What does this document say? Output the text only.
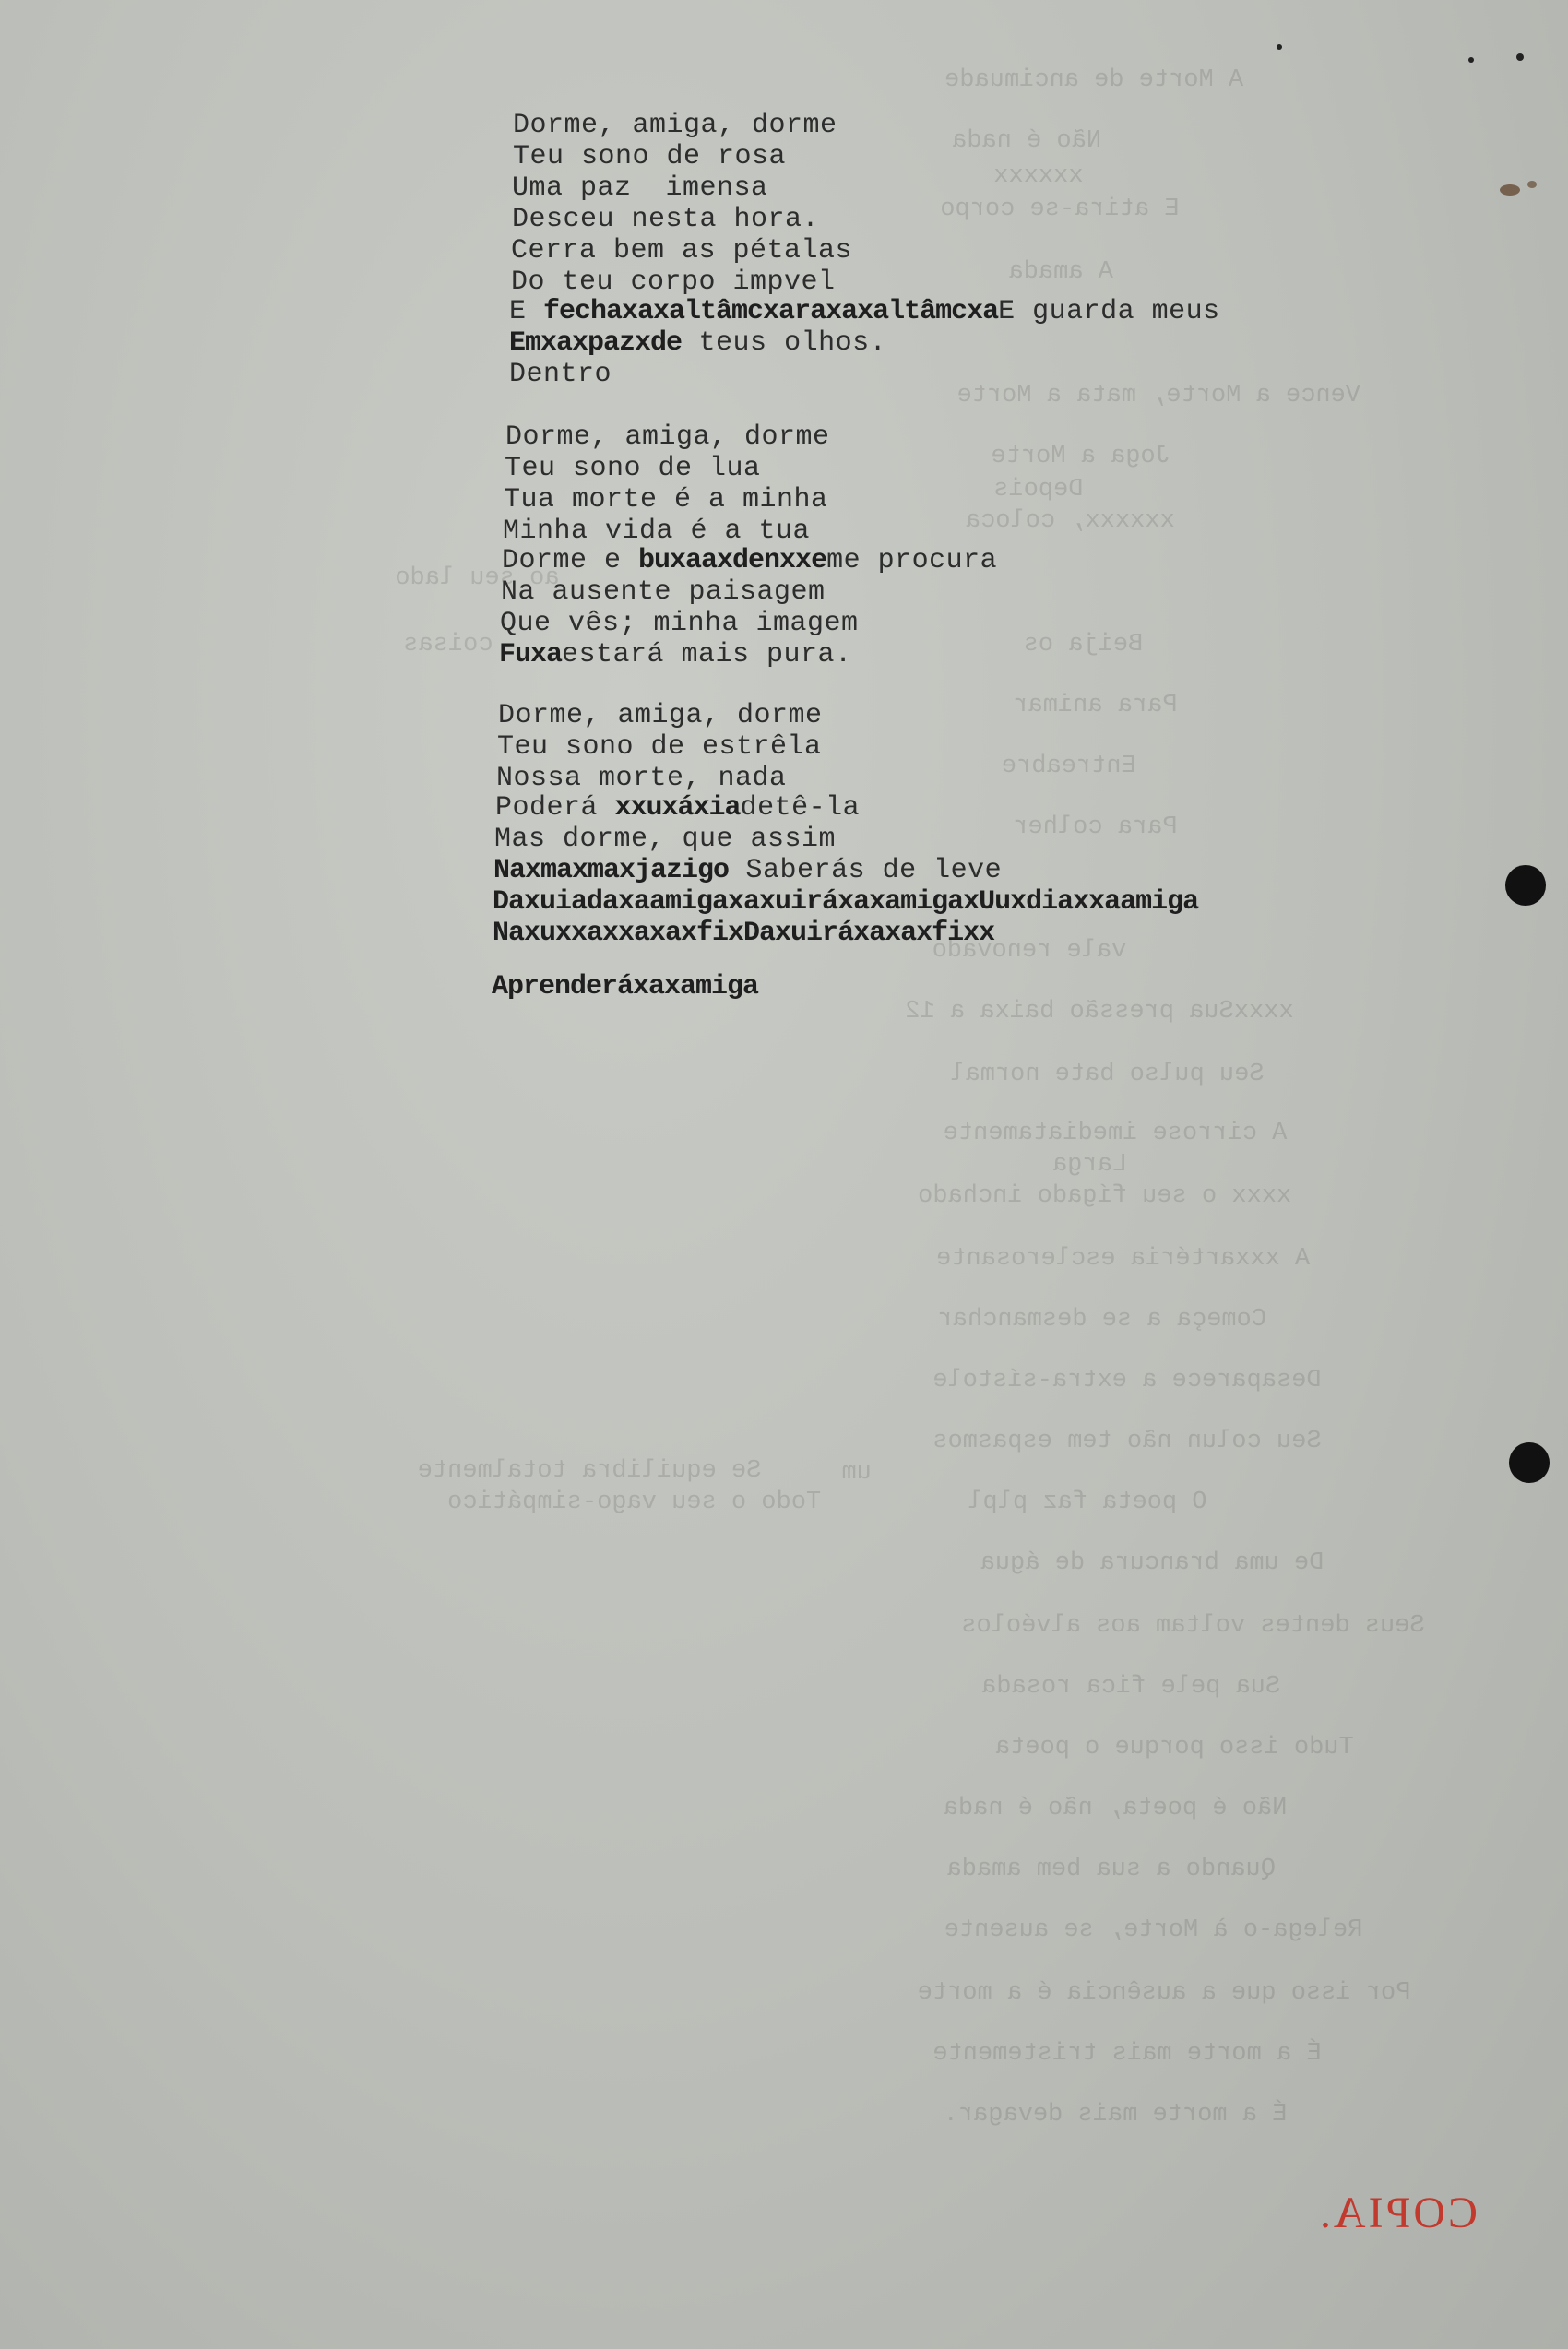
A Morte de ancimuade
Não é nada
xxxxxx
E atira-se corpo
A amada
Vence a Morte, mata a Morte
Joga a Morte
Depois
xxxxxx, coloca
Beija os
Para animar
Entreabre
Para colher
vale renovado
xxxxSua pressão baixa a 12
Seu pulso bate normal
A cirrose imediatamente
Larga
xxxx o seu fígado inchado
A xxxartéria esclerosante
Começa a se desmanchar
Desaparece a extra-sístole
Seu colun não tem espasmos
um
O poeta faz plpl
De uma brancura de água
Seus dentes voltam aos alvéolos
Sua pele fica rosada
Tudo isso porque o poeta
Não é poeta, não é nada
Quando a sua bem amada
Relega-o à Morte, se ausente
Por isso que a ausência é a morte
É a morte mais tristemente
É a morte mais devagar.
Se equilibra totalmente
Todo o seu vago-simpático
ao seu lado
coisas
Dorme, amiga, dorme
Teu sono de rosa
Uma paz  imensa
Desceu nesta hora.
Cerra bem as pétalas
Do teu corpo impvel
E fechaxaxaltâmcxaraxaxaltâmcxaE guarda meus
Emxaxpazxde teus olhos.
Dentro
Dorme, amiga, dorme
Teu sono de lua
Tua morte é a minha
Minha vida é a tua
Dorme e buxaaxdenxxeme procura
Na ausente paisagem
Que vês; minha imagem
Fuxaestará mais pura.
Dorme, amiga, dorme
Teu sono de estrêla
Nossa morte, nada
Poderá xxuxáxiadetê-la
Mas dorme, que assim
Naxmaxmaxjazigo Saberás de leve
DaxuiadaxaamigaxaxuiráxaxamigaxUuxdiaxxaamiga
NaxuxxaxxaxaxfixDaxuiráxaxaxfixx
Aprenderáxaxamiga
COPIA.
